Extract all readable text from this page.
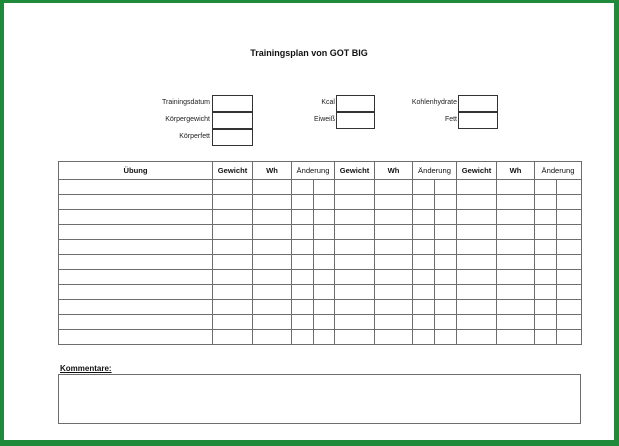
Trainingsplan von GOT BIG
Trainingsdatum
Körpergewicht
Körperfett
Kcal
Eiweiß
Kohlenhydrate
Fett
Übung	Gewicht	Wh	Änderung		Gewicht	Wh	Änderung		Gewicht	Wh	Änderung	

Kommentare:
